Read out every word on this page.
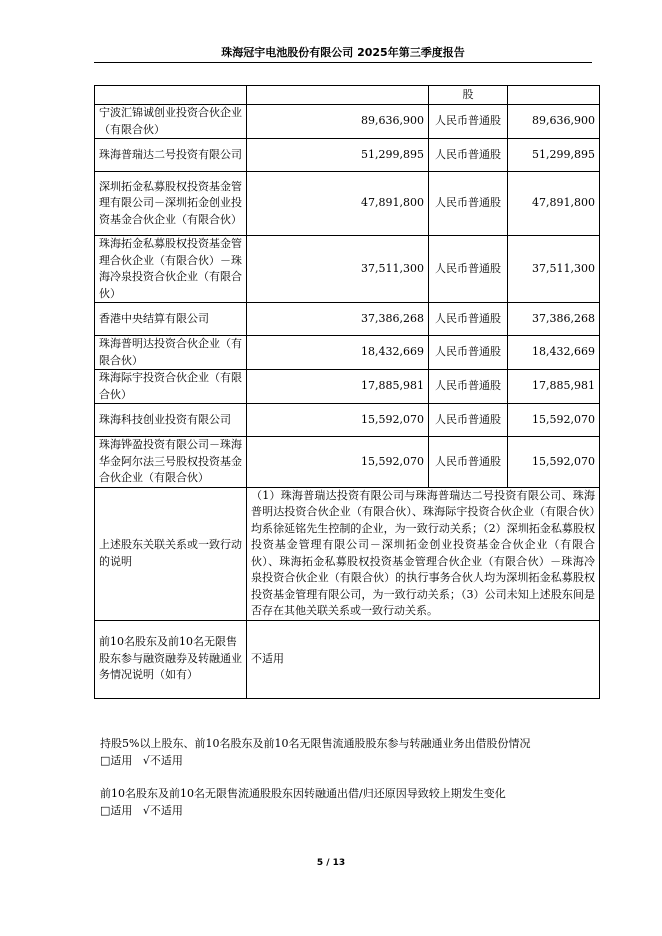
珠海冠宇电池股份有限公司 2025年第三季度报告
		股	
宁波汇锦诚创业投资合伙企业（有限合伙）	89,636,900	人民币普通股	89,636,900
珠海普瑞达二号投资有限公司	51,299,895	人民币普通股	51,299,895
深圳拓金私募股权投资基金管理有限公司－深圳拓金创业投资基金合伙企业（有限合伙）	47,891,800	人民币普通股	47,891,800
珠海拓金私募股权投资基金管理合伙企业（有限合伙）－珠海冷泉投资合伙企业（有限合伙）	37,511,300	人民币普通股	37,511,300
香港中央结算有限公司	37,386,268	人民币普通股	37,386,268
珠海普明达投资合伙企业（有限合伙）	18,432,669	人民币普通股	18,432,669
珠海际宇投资合伙企业（有限合伙）	17,885,981	人民币普通股	17,885,981
珠海科技创业投资有限公司	15,592,070	人民币普通股	15,592,070
珠海铧盈投资有限公司－珠海华金阿尔法三号股权投资基金合伙企业（有限合伙）	15,592,070	人民币普通股	15,592,070
上述股东关联关系或一致行动的说明	（1）珠海普瑞达投资有限公司与珠海普瑞达二号投资有限公司、珠海普明达投资合伙企业（有限合伙）、珠海际宇投资合伙企业（有限合伙）均系徐延铭先生控制的企业，为一致行动关系；（2）深圳拓金私募股权投资基金管理有限公司－深圳拓金创业投资基金合伙企业（有限合伙）、珠海拓金私募股权投资基金管理合伙企业（有限合伙）－珠海冷泉投资合伙企业（有限合伙）的执行事务合伙人均为深圳拓金私募股权投资基金管理有限公司，为一致行动关系；（3）公司未知上述股东间是否存在其他关联关系或一致行动关系。		
前10名股东及前10名无限售股东参与融资融券及转融通业务情况说明（如有）	不适用		
持股5%以上股东、前10名股东及前10名无限售流通股股东参与转融通业务出借股份情况
□适用 √不适用
前10名股东及前10名无限售流通股股东因转融通出借/归还原因导致较上期发生变化
□适用 √不适用
5 / 13
